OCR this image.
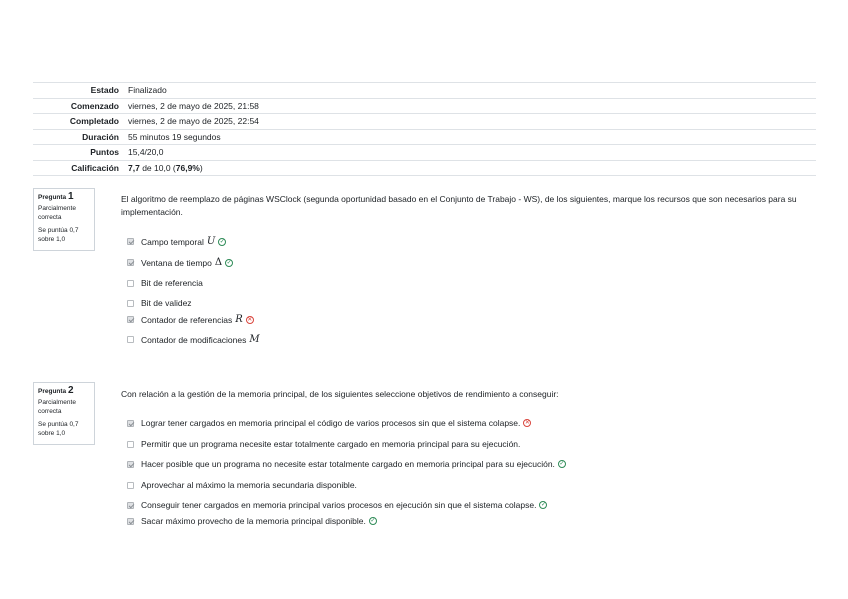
Estado	Finalizado
Comenzado	viernes, 2 de mayo de 2025, 21:58
Completado	viernes, 2 de mayo de 2025, 22:54
Duración	55 minutos 19 segundos
Puntos	15,4/20,0
Calificación	7,7 de 10,0 (76,9%)
Pregunta 1
Parcialmente correcta
Se puntúa 0,7 sobre 1,0
El algoritmo de reemplazo de páginas WSClock (segunda oportunidad basado en el Conjunto de Trabajo - WS), de los siguientes, marque los recursos que son necesarios para su implementación.
Campo temporal U ✓
Ventana de tiempo Δ ✓
Bit de referencia
Bit de validez
Contador de referencias R ✕
Contador de modificaciones M
Pregunta 2
Parcialmente correcta
Se puntúa 0,7 sobre 1,0
Con relación a la gestión de la memoria principal, de los siguientes seleccione objetivos de rendimiento a conseguir:
Lograr tener cargados en memoria principal el código de varios procesos sin que el sistema colapse. ✕
Permitir que un programa necesite estar totalmente cargado en memoria principal para su ejecución.
Hacer posible que un programa no necesite estar totalmente cargado en memoria principal para su ejecución. ✓
Aprovechar al máximo la memoria secundaria disponible.
Conseguir tener cargados en memoria principal varios procesos en ejecución sin que el sistema colapse. ✓
Sacar máximo provecho de la memoria principal disponible. ✓
